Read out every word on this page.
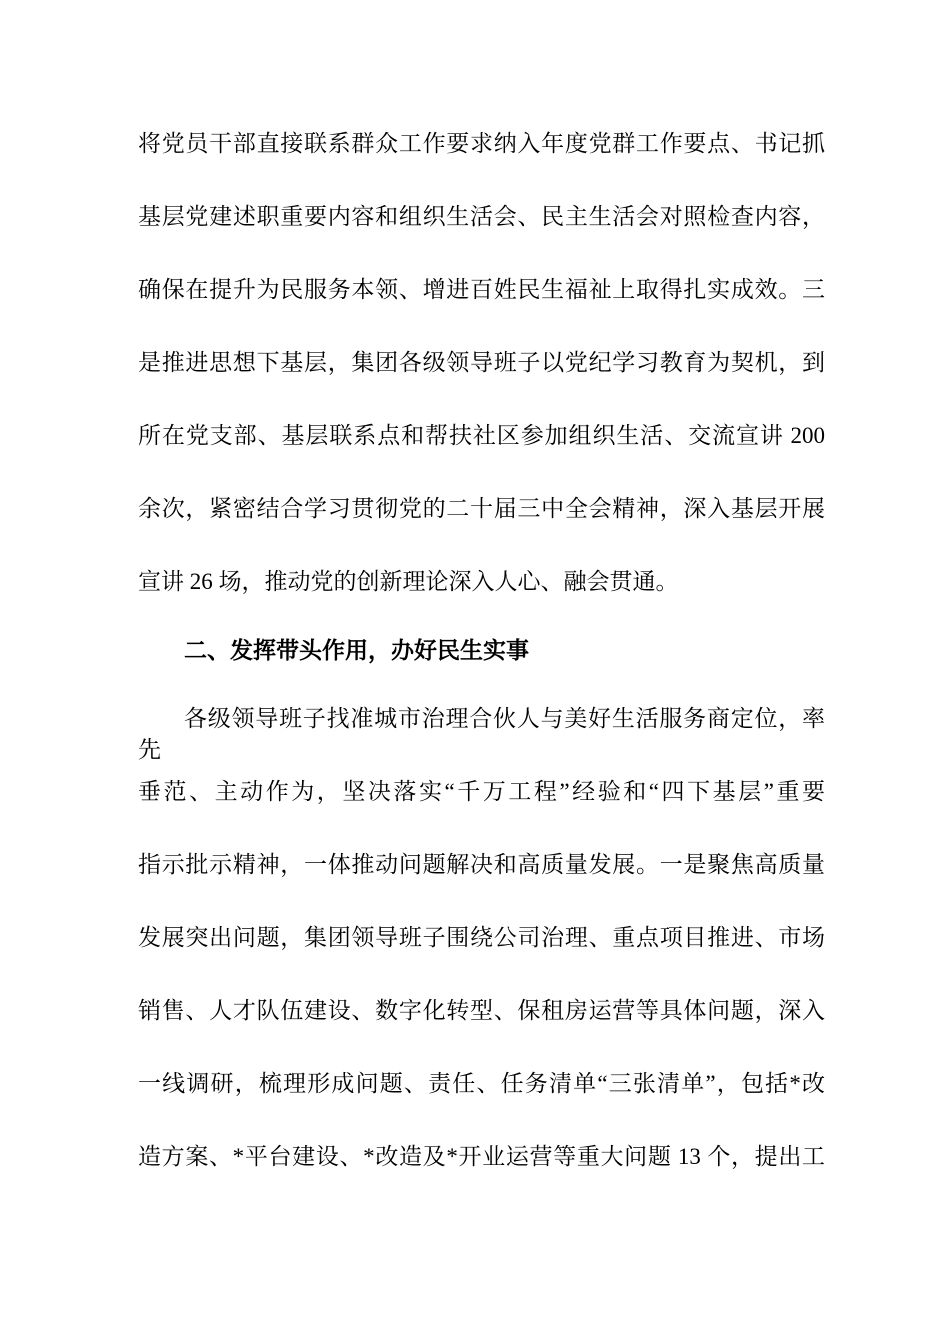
将党员干部直接联系群众工作要求纳入年度党群工作要点、书记抓
基层党建述职重要内容和组织生活会、民主生活会对照检查内容，
确保在提升为民服务本领、增进百姓民生福祉上取得扎实成效。三
是推进思想下基层，集团各级领导班子以党纪学习教育为契机，到
所在党支部、基层联系点和帮扶社区参加组织生活、交流宣讲 200
余次，紧密结合学习贯彻党的二十届三中全会精神，深入基层开展
宣讲 26 场，推动党的创新理论深入人心、融会贯通。
二、发挥带头作用，办好民生实事
各级领导班子找准城市治理合伙人与美好生活服务商定位，率先
垂范、主动作为，坚决落实“千万工程”经验和“四下基层”重要
指示批示精神，一体推动问题解决和高质量发展。一是聚焦高质量
发展突出问题，集团领导班子围绕公司治理、重点项目推进、市场
销售、人才队伍建设、数字化转型、保租房运营等具体问题，深入
一线调研，梳理形成问题、责任、任务清单“三张清单”，包括*改
造方案、*平台建设、*改造及*开业运营等重大问题 13 个，提出工
